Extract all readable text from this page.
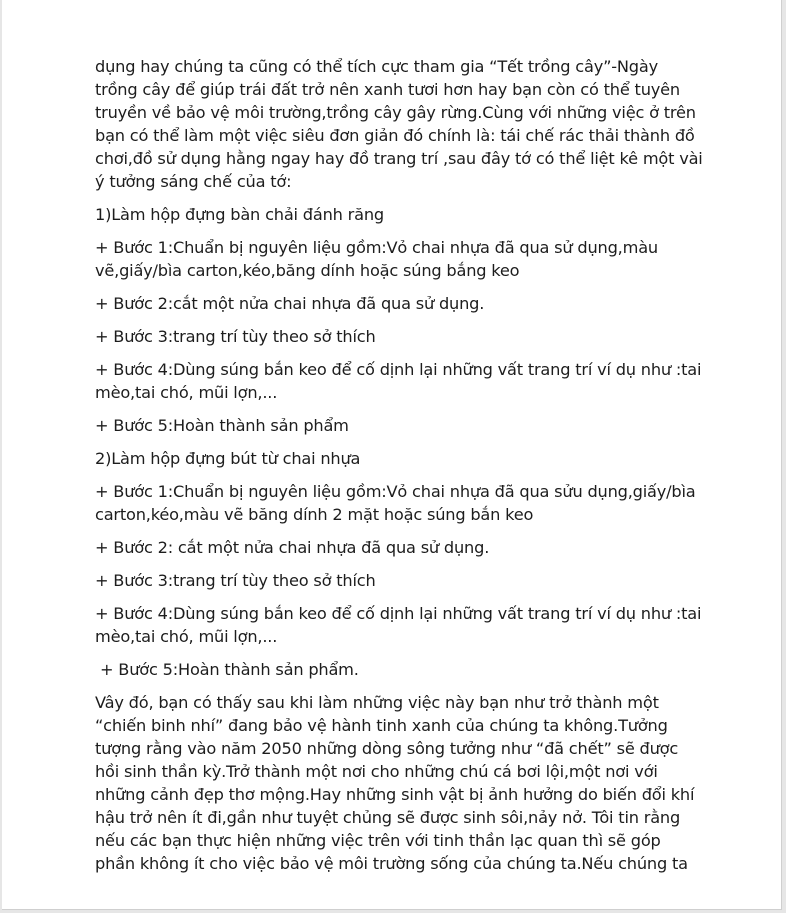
dụng hay chúng ta cũng có thể tích cực tham gia “Tết trồng cây”-Ngày trồng cây để giúp trái đất trở nên xanh tươi hơn hay bạn còn có thể tuyên truyền về bảo vệ môi trường,trồng cây gây rừng.Cùng với những việc ở trên bạn có thể làm một việc siêu đơn giản đó chính là: tái chế rác thải thành đồ chơi,đồ sử dụng hằng ngay hay đồ trang trí ,sau đây tớ có thể liệt kê một vài ý tưởng sáng chế của tớ:

1)Làm hộp đựng bàn chải đánh răng

+ Bước 1:Chuẩn bị nguyên liệu gồm:Vỏ chai nhựa đã qua sử dụng,màu vẽ,giấy/bìa carton,kéo,băng dính hoặc súng bắng keo

+ Bước 2:cắt một nửa chai nhựa đã qua sử dụng.

+ Bước 3:trang trí tùy theo sở thích

+ Bước 4:Dùng súng bắn keo để cố dịnh lại những vất trang trí ví dụ như :tai mèo,tai chó, mũi lợn,...

+ Bước 5:Hoàn thành sản phẩm

2)Làm hộp đựng bút từ chai nhựa

+ Bước 1:Chuẩn bị nguyên liệu gồm:Vỏ chai nhựa đã qua sửu dụng,giấy/bìa carton,kéo,màu vẽ băng dính 2 mặt hoặc súng bắn keo

+ Bước 2: cắt một nửa chai nhựa đã qua sử dụng.

+ Bước 3:trang trí tùy theo sở thích

+ Bước 4:Dùng súng bắn keo để cố dịnh lại những vất trang trí ví dụ như :tai mèo,tai chó, mũi lợn,...

+ Bước 5:Hoàn thành sản phẩm.

Vây đó, bạn có thấy sau khi làm những việc này bạn như trở thành một “chiến binh nhí” đang bảo vệ hành tinh xanh của chúng ta không.Tưởng tượng rằng vào năm 2050 những dòng sông tưởng như “đã chết” sẽ được hồi sinh thần kỳ.Trở thành một nơi cho những chú cá bơi lội,một nơi với những cảnh đẹp thơ mộng.Hay những sinh vật bị ảnh hưởng do biến đổi khí hậu trở nên ít đi,gần như tuyệt chủng sẽ được sinh sôi,nảy nở. Tôi tin rằng nếu các bạn thực hiện những việc trên với tinh thần lạc quan thì sẽ góp phần không ít cho việc bảo vệ môi trường sống của chúng ta.Nếu chúng ta
